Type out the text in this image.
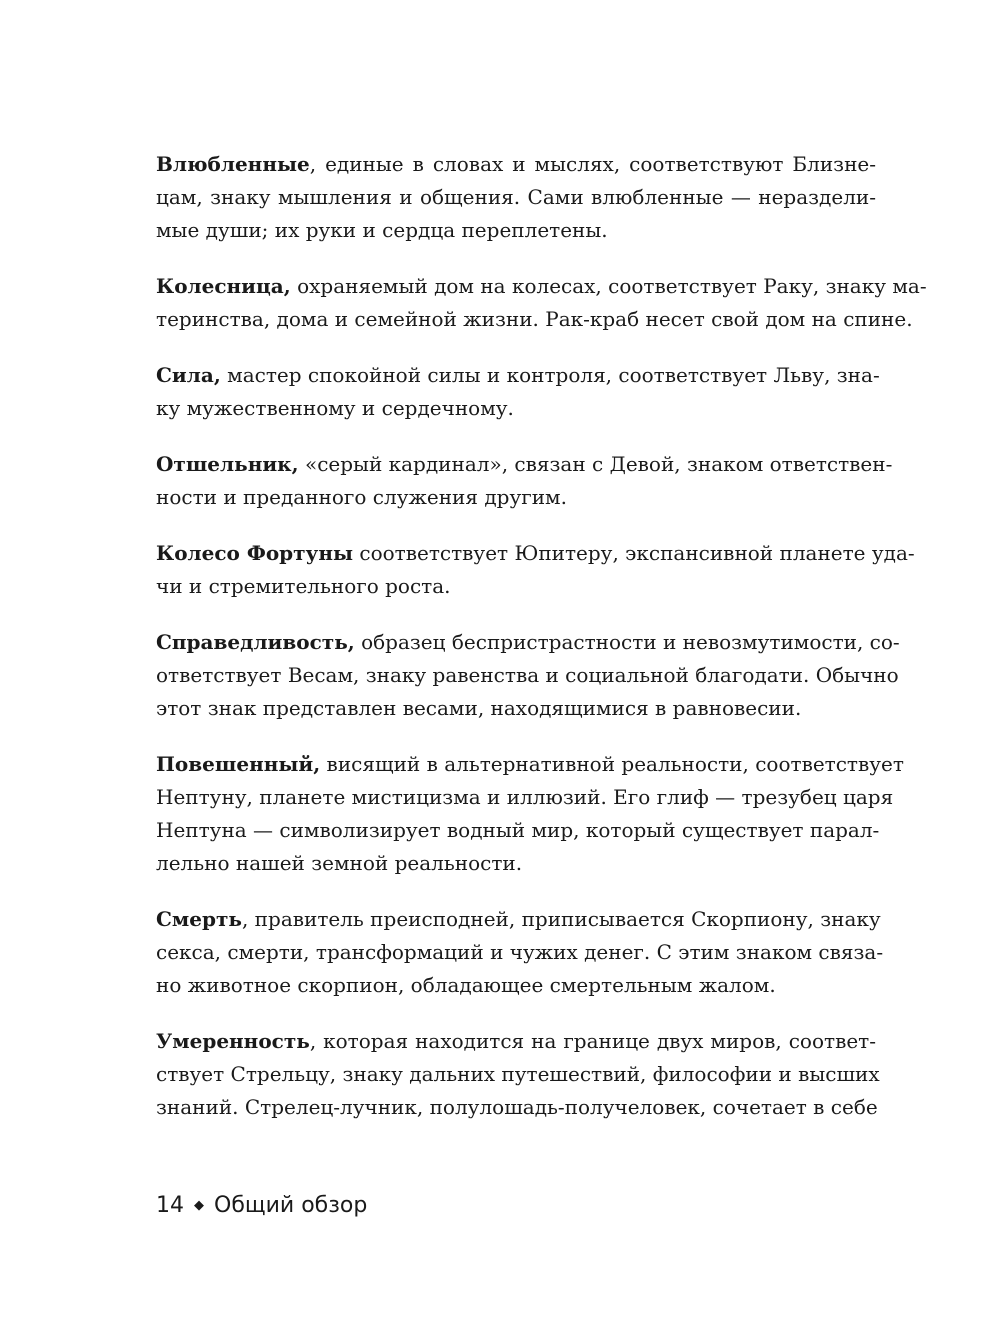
Влюбленные, единые в словах и мыслях, соответствуют Близне-
цам, знаку мышления и общения. Сами влюбленные — нераздели-
мые души; их руки и сердца переплетены.
Колесница, охраняемый дом на колесах, соответствует Раку, знаку ма-
теринства, дома и семейной жизни. Рак-краб несет свой дом на спине.
Сила, мастер спокойной силы и контроля, соответствует Льву, зна-
ку мужественному и сердечному.
Отшельник, «серый кардинал», связан с Девой, знаком ответствен-
ности и преданного служения другим.
Колесо Фортуны соответствует Юпитеру, экспансивной планете уда-
чи и стремительного роста.
Справедливость, образец беспристрастности и невозмутимости, со-
ответствует Весам, знаку равенства и социальной благодати. Обычно
этот знак представлен весами, находящимися в равновесии.
Повешенный, висящий в альтернативной реальности, соответствует
Нептуну, планете мистицизма и иллюзий. Его глиф — трезубец царя
Нептуна — символизирует водный мир, который существует парал-
лельно нашей земной реальности.
Смерть, правитель преисподней, приписывается Скорпиону, знаку
секса, смерти, трансформаций и чужих денег. С этим знаком связа-
но животное скорпион, обладающее смертельным жалом.
Умеренность, которая находится на границе двух миров, соответ-
ствует Стрельцу, знаку дальних путешествий, философии и высших
знаний. Стрелец-лучник, полулошадь-получеловек, сочетает в себе
14 ◆ Общий обзор
